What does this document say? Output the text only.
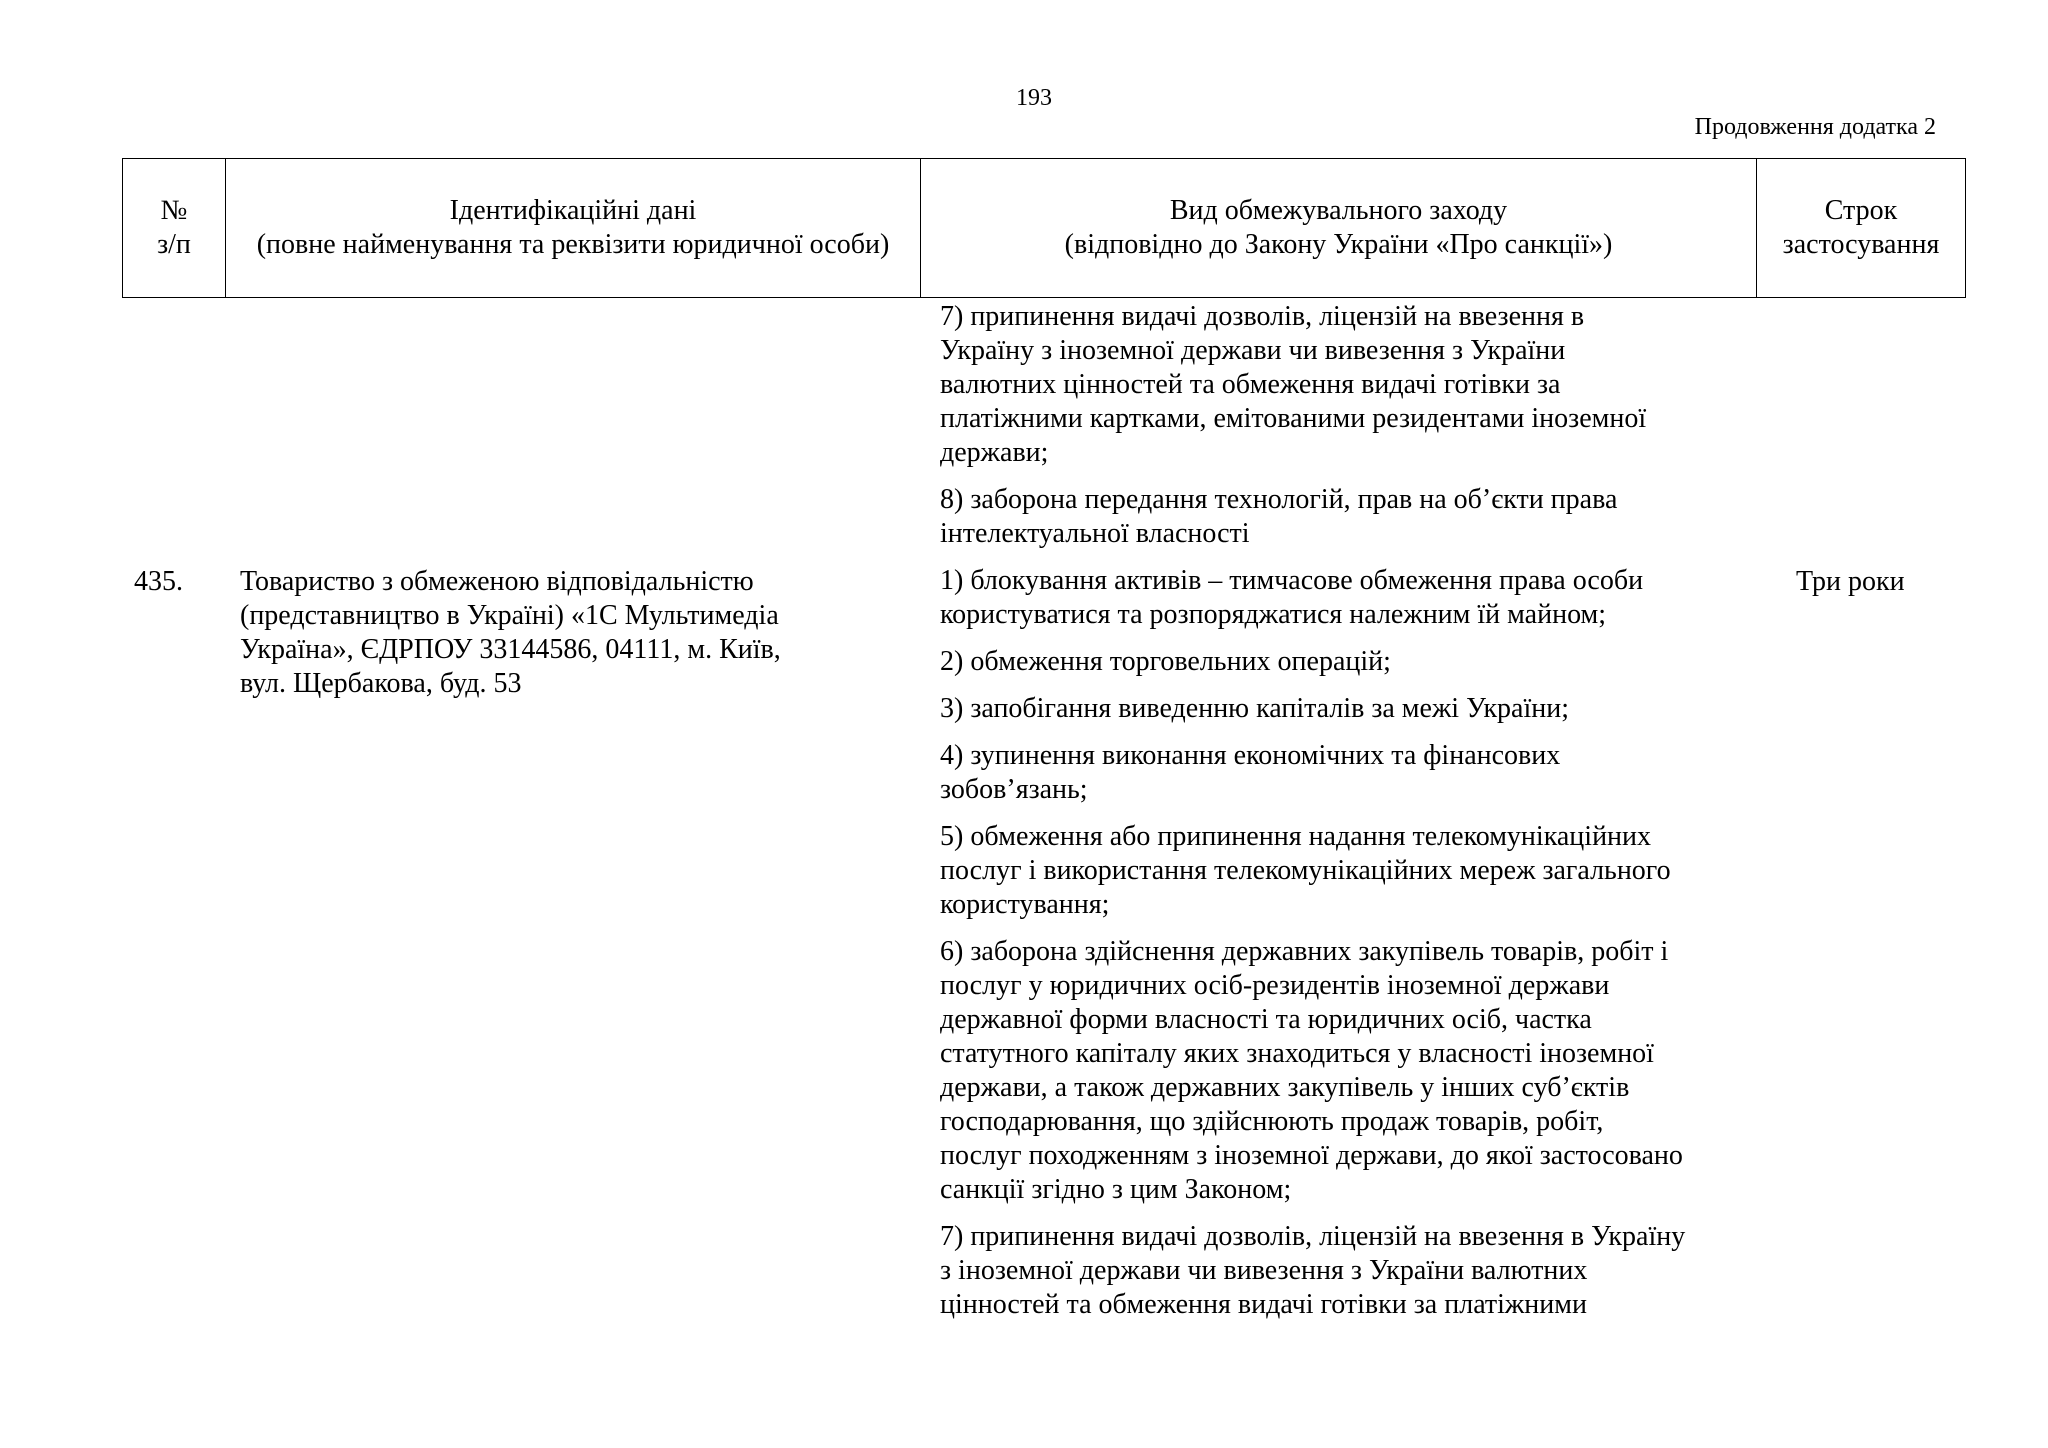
193
Продовження додатка 2
№
з/п
Ідентифікаційні дані
(повне найменування та реквізити юридичної особи)
Вид обмежувального заходу
(відповідно до Закону України «Про санкції»)
Строк
застосування
435. Товариство з обмеженою відповідальністю
(представництво в Україні) «1С Мультимедіа
Україна», ЄДРПОУ 33144586, 04111, м. Київ,
вул. Щербакова, буд. 53
Три роки
7) припинення видачі дозволів, ліцензій на ввезення в
Україну з іноземної держави чи вивезення з України
валютних цінностей та обмеження видачі готівки за
платіжними картками, емітованими резидентами іноземної
держави;
8) заборона передання технологій, прав на об’єкти права
інтелектуальної власності
1) блокування активів – тимчасове обмеження права особи
користуватися та розпоряджатися належним їй майном;
2) обмеження торговельних операцій;
3) запобігання виведенню капіталів за межі України;
4) зупинення виконання економічних та фінансових
зобов’язань;
5) обмеження або припинення надання телекомунікаційних
послуг і використання телекомунікаційних мереж загального
користування;
6) заборона здійснення державних закупівель товарів, робіт і
послуг у юридичних осіб-резидентів іноземної держави
державної форми власності та юридичних осіб, частка
статутного капіталу яких знаходиться у власності іноземної
держави, а також державних закупівель у інших суб’єктів
господарювання, що здійснюють продаж товарів, робіт,
послуг походженням з іноземної держави, до якої застосовано
санкції згідно з цим Законом;
7) припинення видачі дозволів, ліцензій на ввезення в Україну
з іноземної держави чи вивезення з України валютних
цінностей та обмеження видачі готівки за платіжними
